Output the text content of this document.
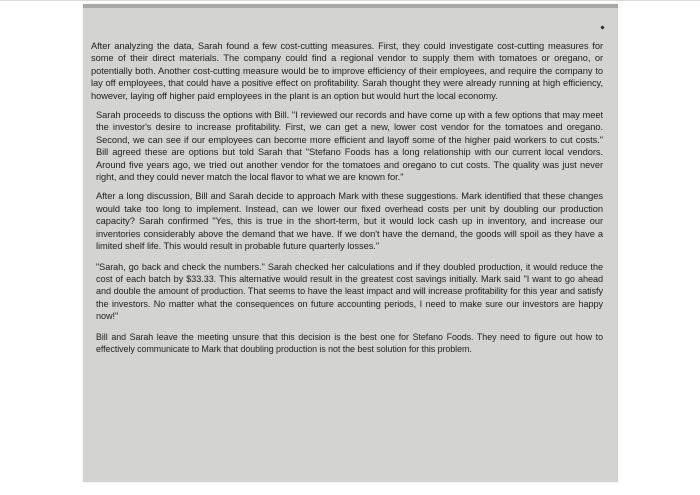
After analyzing the data, Sarah found a few cost-cutting measures. First, they could investigate cost-cutting measures for some of their direct materials. The company could find a regional vendor to supply them with tomatoes or oregano, or potentially both. Another cost-cutting measure would be to improve efficiency of their employees, and require the company to lay off employees, that could have a positive effect on profitability. Sarah thought they were already running at high efficiency, however, laying off higher paid employees in the plant is an option but would hurt the local economy.

Sarah proceeds to discuss the options with Bill. "I reviewed our records and have come up with a few options that may meet the investor's desire to increase profitability. First, we can get a new, lower cost vendor for the tomatoes and oregano. Second, we can see if our employees can become more efficient and layoff some of the higher paid workers to cut costs." Bill agreed these are options but told Sarah that "Stefano Foods has a long relationship with our current local vendors. Around five years ago, we tried out another vendor for the tomatoes and oregano to cut costs. The quality was just never right, and they could never match the local flavor to what we are known for."

After a long discussion, Bill and Sarah decide to approach Mark with these suggestions. Mark identified that these changes would take too long to implement. Instead, can we lower our fixed overhead costs per unit by doubling our production capacity? Sarah confirmed "Yes, this is true in the short-term, but it would lock cash up in inventory, and increase our inventories considerably above the demand that we have. If we don't have the demand, the goods will spoil as they have a limited shelf life. This would result in probable future quarterly losses."

"Sarah, go back and check the numbers." Sarah checked her calculations and if they doubled production, it would reduce the cost of each batch by $33.33. This alternative would result in the greatest cost savings initially. Mark said "I want to go ahead and double the amount of production. That seems to have the least impact and will increase profitability for this year and satisfy the investors. No matter what the consequences on future accounting periods, I need to make sure our investors are happy now!"

Bill and Sarah leave the meeting unsure that this decision is the best one for Stefano Foods. They need to figure out how to effectively communicate to Mark that doubling production is not the best solution for this problem.
